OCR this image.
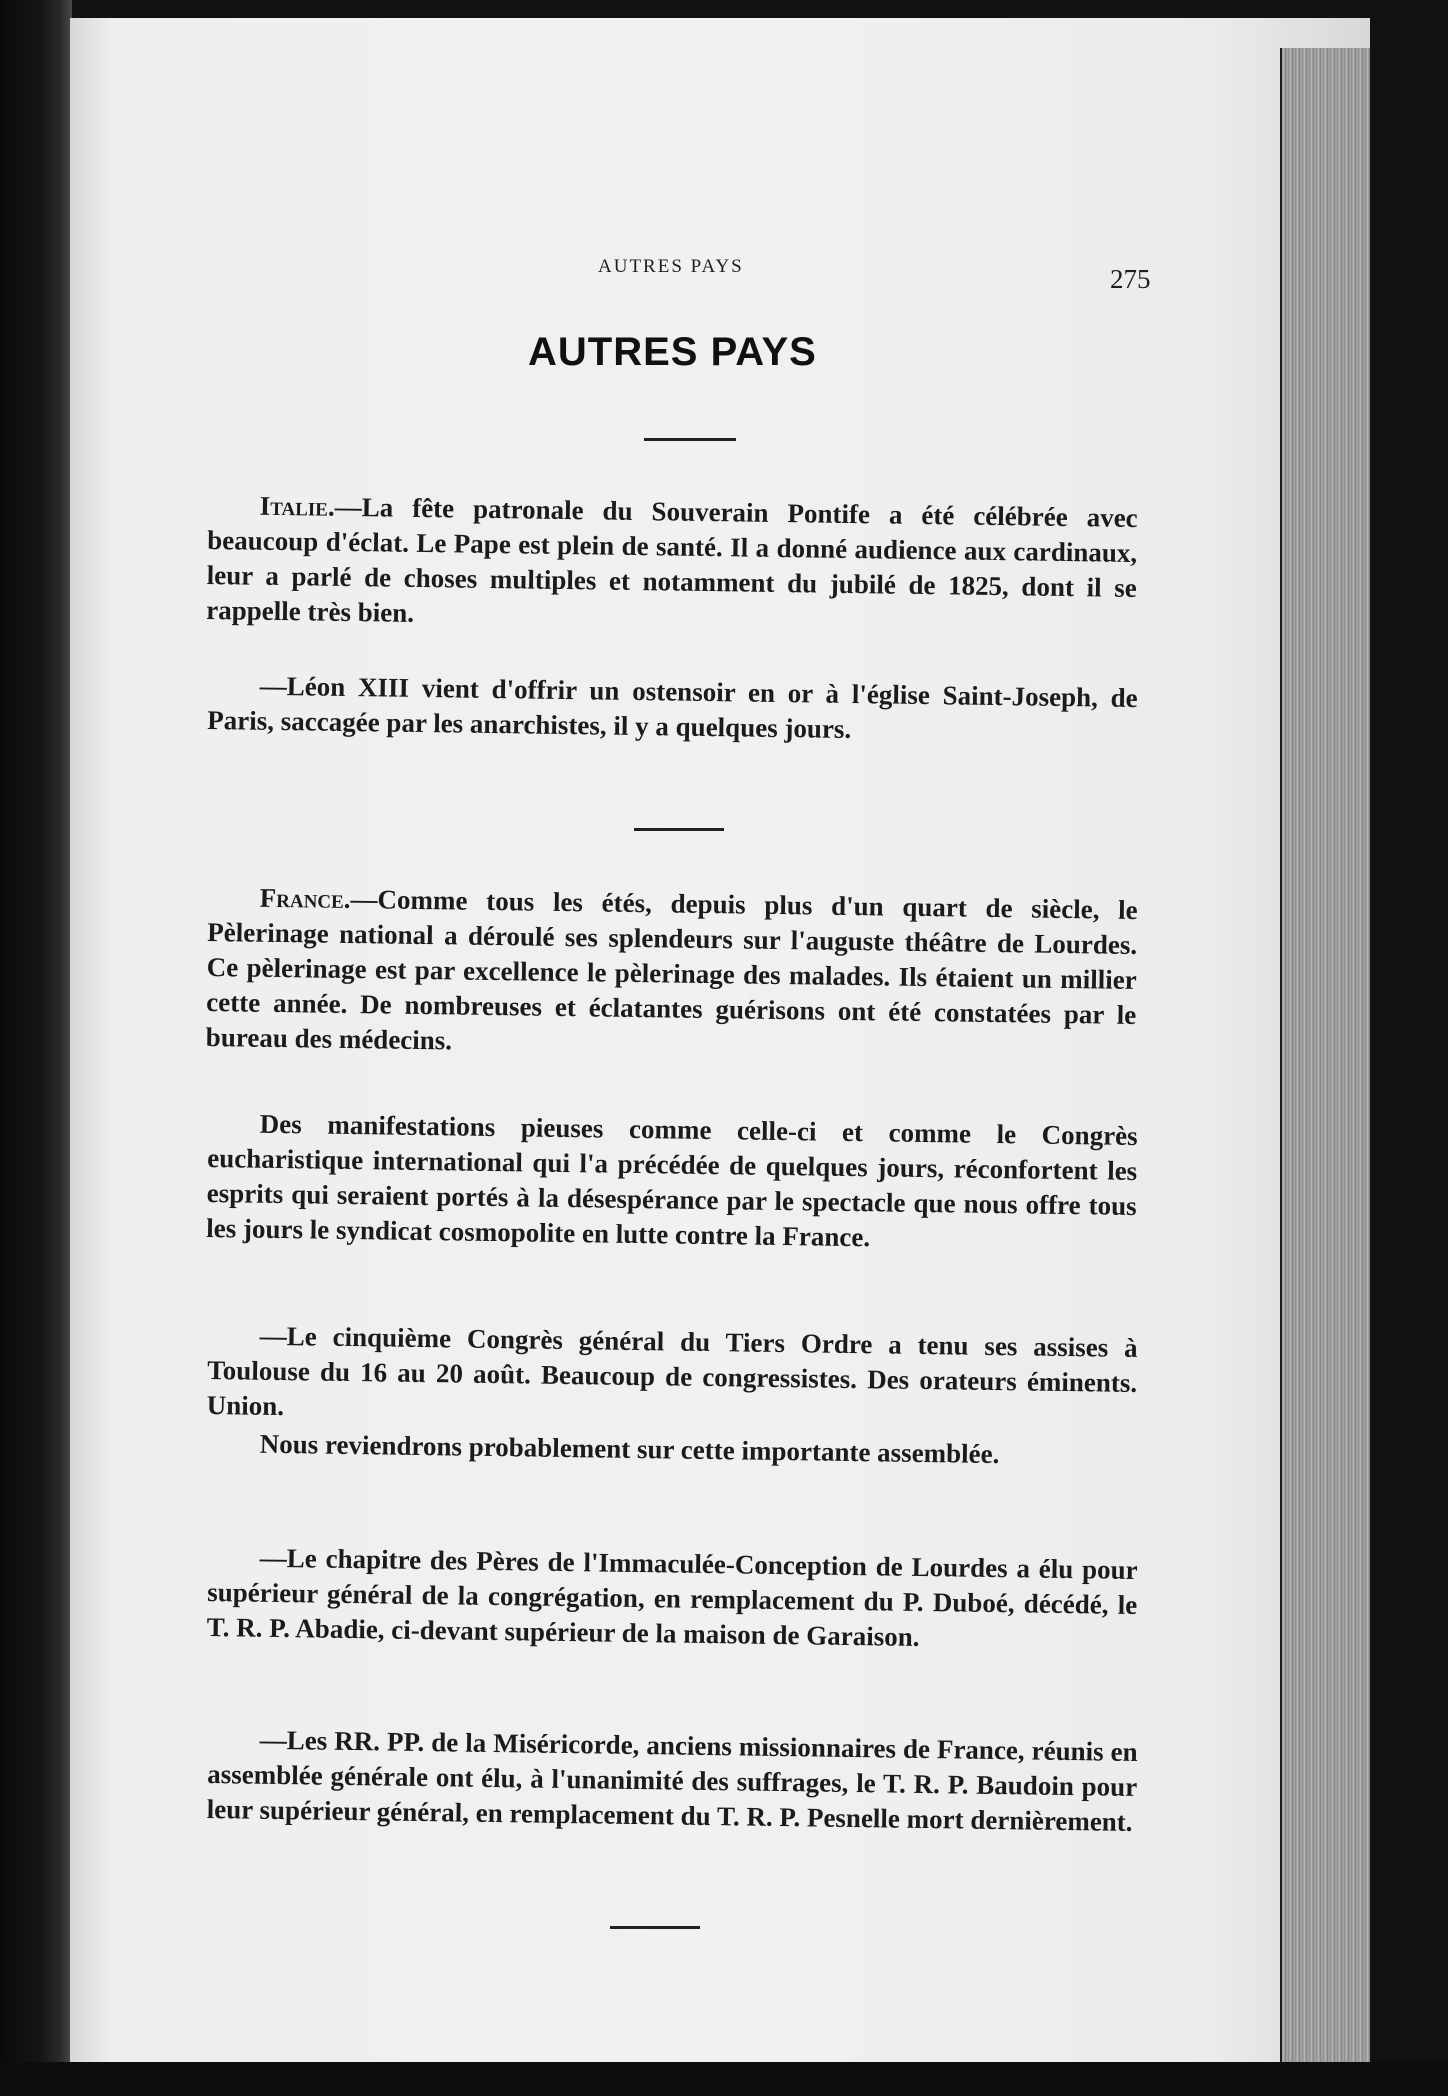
AUTRES PAYS	275
AUTRES PAYS
Italie.—La fête patronale du Souverain Pontife a été célébrée avec beaucoup d'éclat. Le Pape est plein de santé. Il a donné audience aux cardinaux, leur a parlé de choses multiples et notamment du jubilé de 1825, dont il se rappelle très bien.
—Léon XIII vient d'offrir un ostensoir en or à l'église Saint-Joseph, de Paris, saccagée par les anarchistes, il y a quelques jours.
France.—Comme tous les étés, depuis plus d'un quart de siècle, le Pèlerinage national a déroulé ses splendeurs sur l'auguste théâtre de Lourdes. Ce pèlerinage est par excellence le pèlerinage des malades. Ils étaient un millier cette année. De nombreuses et éclatantes guérisons ont été constatées par le bureau des médecins.
Des manifestations pieuses comme celle-ci et comme le Congrès eucharistique international qui l'a précédée de quelques jours, réconfortent les esprits qui seraient portés à la désespérance par le spectacle que nous offre tous les jours le syndicat cosmopolite en lutte contre la France.
—Le cinquième Congrès général du Tiers Ordre a tenu ses assises à Toulouse du 16 au 20 août. Beaucoup de congressistes. Des orateurs éminents. Union.
Nous reviendrons probablement sur cette importante assemblée.
—Le chapitre des Pères de l'Immaculée-Conception de Lourdes a élu pour supérieur général de la congrégation, en remplacement du P. Duboé, décédé, le T. R. P. Abadie, ci-devant supérieur de la maison de Garaison.
—Les RR. PP. de la Miséricorde, anciens missionnaires de France, réunis en assemblée générale ont élu, à l'unanimité des suffrages, le T. R. P. Baudoin pour leur supérieur général, en remplacement du T. R. P. Pesnelle mort dernièrement.
